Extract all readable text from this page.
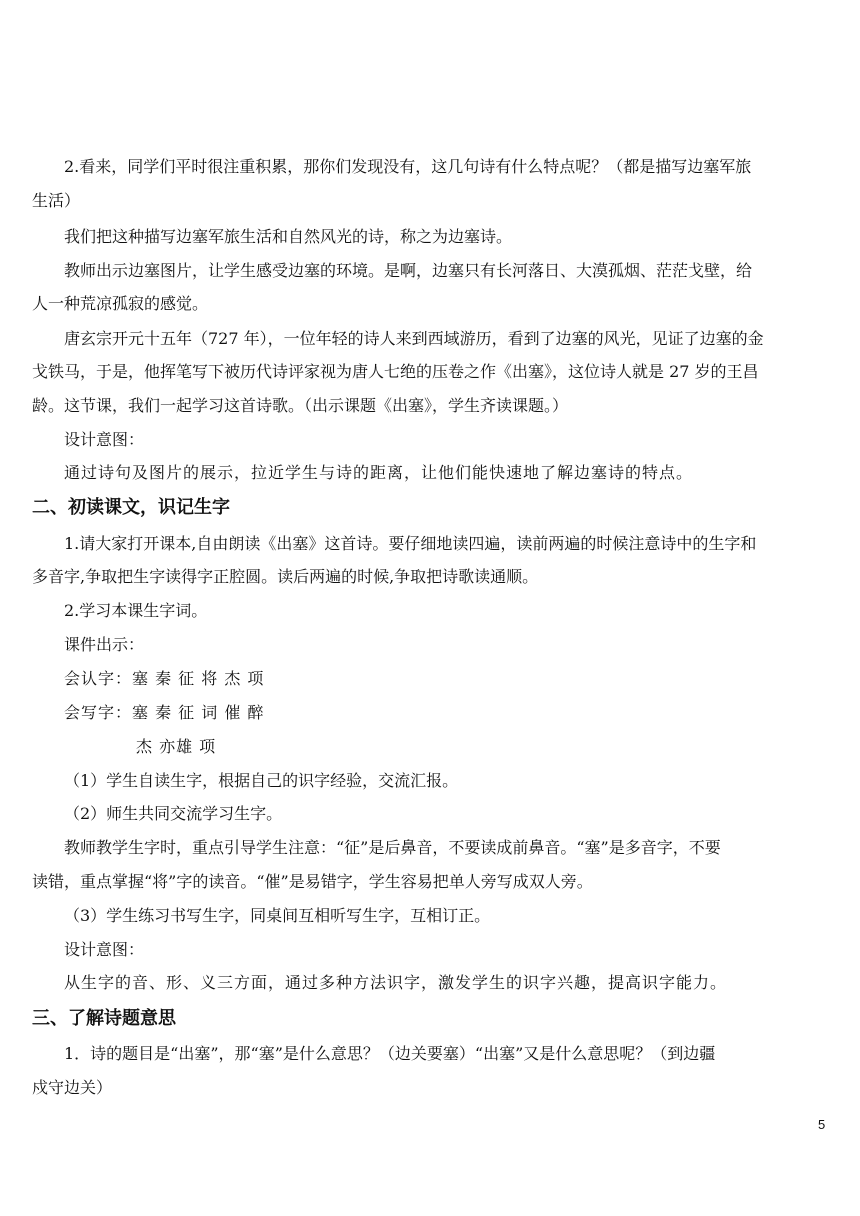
2.看来，同学们平时很注重积累，那你们发现没有，这几句诗有什么特点呢？（都是描写边塞军旅
生活）
我们把这种描写边塞军旅生活和自然风光的诗，称之为边塞诗。
教师出示边塞图片，让学生感受边塞的环境。是啊，边塞只有长河落日、大漠孤烟、茫茫戈壁，给
人一种荒凉孤寂的感觉。
唐玄宗开元十五年（727 年），一位年轻的诗人来到西域游历，看到了边塞的风光，见证了边塞的金
戈铁马，于是，他挥笔写下被历代诗评家视为唐人七绝的压卷之作《出塞》，这位诗人就是 27 岁的王昌
龄。这节课，我们一起学习这首诗歌。（出示课题《出塞》，学生齐读课题。）
设计意图：
通过诗句及图片的展示，拉近学生与诗的距离，让他们能快速地了解边塞诗的特点。
二、初读课文，识记生字
1.请大家打开课本,自由朗读《出塞》这首诗。要仔细地读四遍，读前两遍的时候注意诗中的生字和
多音字,争取把生字读得字正腔圆。读后两遍的时候,争取把诗歌读通顺。
2.学习本课生字词。
课件出示：
会认字：塞 秦 征 将 杰 项
会写字：塞 秦 征 词 催 醉
杰 亦雄 项
（1）学生自读生字，根据自己的识字经验，交流汇报。
（2）师生共同交流学习生字。
教师教学生字时，重点引导学生注意：“征”是后鼻音，不要读成前鼻音。“塞”是多音字，不要
读错，重点掌握“将”字的读音。“催”是易错字，学生容易把单人旁写成双人旁。
（3）学生练习书写生字，同桌间互相听写生字，互相订正。
设计意图：
从生字的音、形、义三方面，通过多种方法识字，激发学生的识字兴趣，提高识字能力。
三、了解诗题意思
1．诗的题目是“出塞”，那“塞”是什么意思？（边关要塞）“出塞”又是什么意思呢？（到边疆
戍守边关）
5
